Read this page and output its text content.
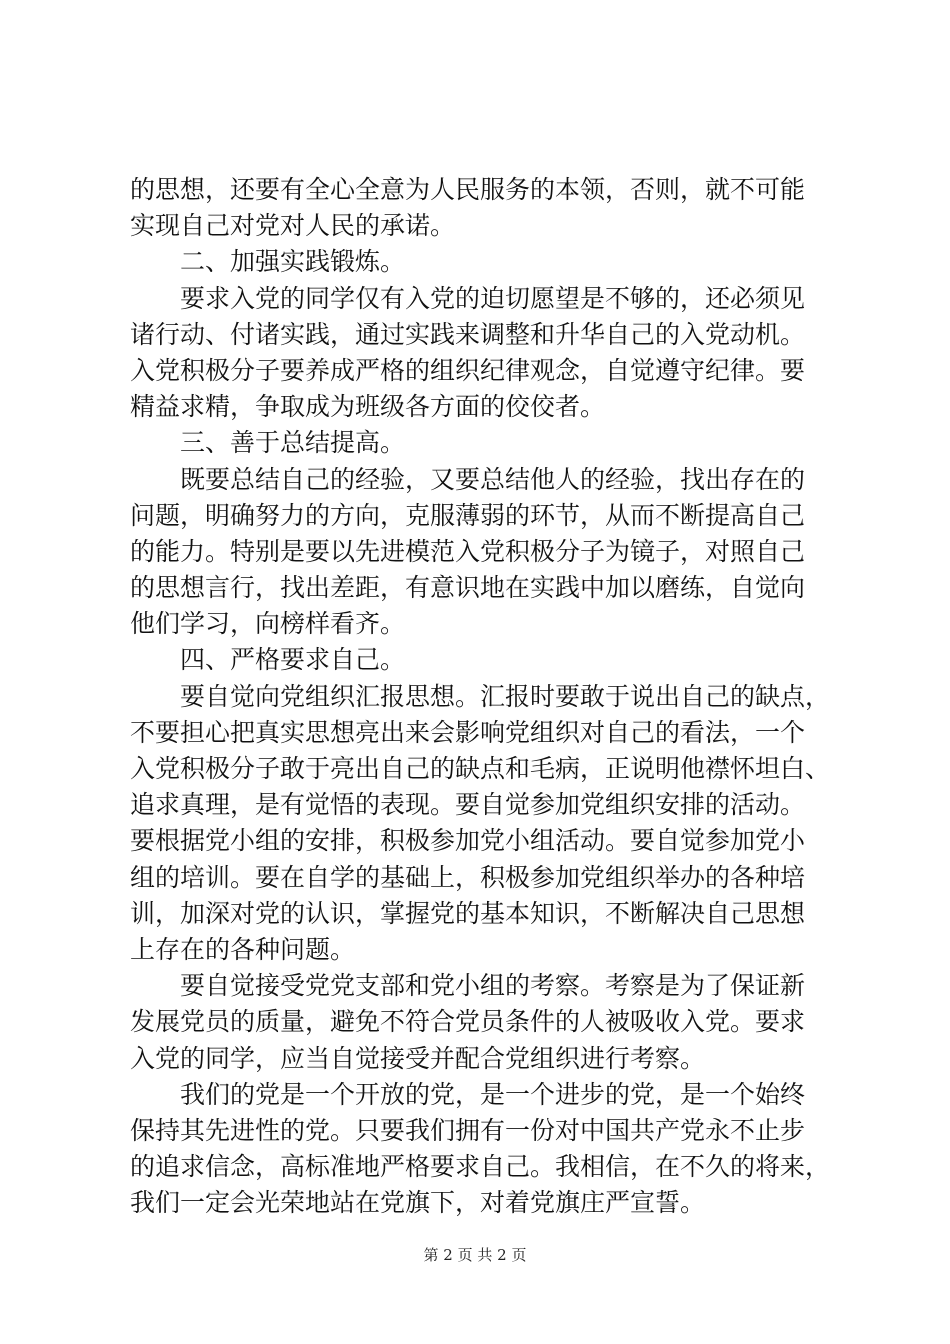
的思想，还要有全心全意为人民服务的本领，否则，就不可能
实现自己对党对人民的承诺。
　　二、加强实践锻炼。
　　要求入党的同学仅有入党的迫切愿望是不够的，还必须见
诸行动、付诸实践，通过实践来调整和升华自己的入党动机。
入党积极分子要养成严格的组织纪律观念，自觉遵守纪律。要
精益求精，争取成为班级各方面的佼佼者。
　　三、善于总结提高。
　　既要总结自己的经验，又要总结他人的经验，找出存在的
问题，明确努力的方向，克服薄弱的环节，从而不断提高自己
的能力。特别是要以先进模范入党积极分子为镜子，对照自己
的思想言行，找出差距，有意识地在实践中加以磨练，自觉向
他们学习，向榜样看齐。
　　四、严格要求自己。
　　要自觉向党组织汇报思想。汇报时要敢于说出自己的缺点，
不要担心把真实思想亮出来会影响党组织对自己的看法，一个
入党积极分子敢于亮出自己的缺点和毛病，正说明他襟怀坦白、
追求真理，是有觉悟的表现。要自觉参加党组织安排的活动。
要根据党小组的安排，积极参加党小组活动。要自觉参加党小
组的培训。要在自学的基础上，积极参加党组织举办的各种培
训，加深对党的认识，掌握党的基本知识，不断解决自己思想
上存在的各种问题。
　　要自觉接受党党支部和党小组的考察。考察是为了保证新
发展党员的质量，避免不符合党员条件的人被吸收入党。要求
入党的同学，应当自觉接受并配合党组织进行考察。
　　我们的党是一个开放的党，是一个进步的党，是一个始终
保持其先进性的党。只要我们拥有一份对中国共产党永不止步
的追求信念，高标准地严格要求自己。我相信，在不久的将来，
我们一定会光荣地站在党旗下，对着党旗庄严宣誓。
第 2 页 共 2 页
